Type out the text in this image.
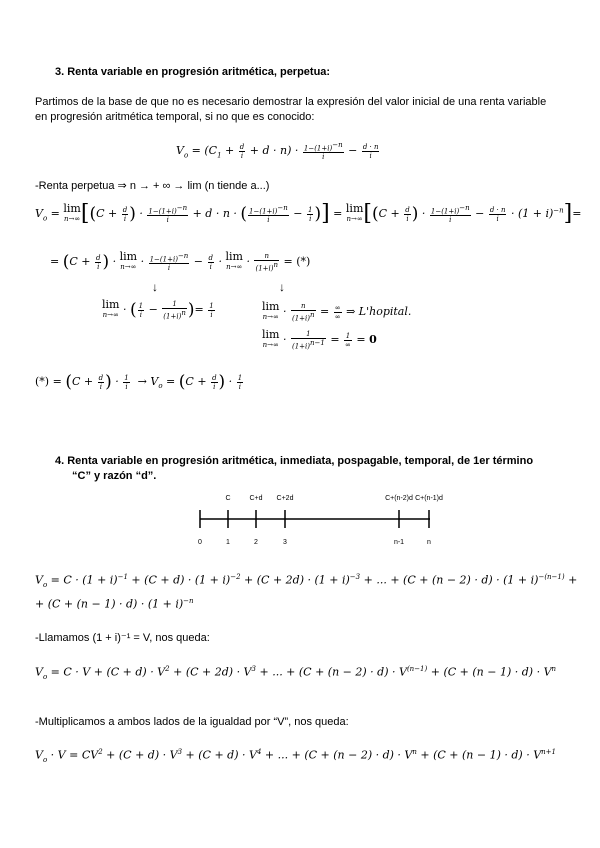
3. Renta variable en progresión aritmética, perpetua:
Partimos de la base de que no es necesario demostrar la expresión del valor inicial de una renta variable en progresión aritmética temporal, si no que es conocido:
$V_o = (C_1 + \frac{d}{i} + d \cdot n) \cdot \frac{1-(1+i)^{-n}}{i} - \frac{d \cdot n}{i}$
-Renta perpetua ⇒ n → + ∞ → lim (n tiende a...)
$V_o = \lim$
n→∞ [($C + \frac{d}{i}$ ) · $\frac{1-(1+i)^{-n}}{i} + d \cdot n$ · ( $\frac{1-(1+i)^{-n}}{i} - \frac{1}{i}$ )] = lim
n→∞ [($C + \frac{d}{i}$ ) · $\frac{1-(1+i)^{-n}}{i} - \frac{d \cdot n}{i} \cdot (1 + i)^{-n}]=$
= ($C + \frac{d}{i}$ ) · lim
$n\to\infty \cdot \frac{1-(1+i)^{-n}}{i} - \frac{d}{i} \cdot \lim$
$n\to\infty \cdot \frac{n}{(1+i)^n}$ = (*)
↓	↓
lim
n→∞ · ( $\frac{1}{i} - \frac{1}{(1+i)^n}$ )= $\frac{1}{i}$	lim
$n\to\infty \cdot \frac{n}{(1+i)^n}$ = ∞
∞ ⇒ L'hopital.
lim
$n\to\infty \cdot \frac{1}{(1+i)^{n-1}} = 1$
∞ = 0
(*) = ($C + \frac{d}{i}$ ) · $\frac{1}{i} \to V_o = (C + \frac{d}{i}$ ) · $\frac{1}{i}$
4. Renta variable en progresión aritmética, inmediata, pospagable, temporal, de 1er término
“C” y razón “d”.
C	C+d C+2d	C+(n-2)d C+(n-1)d
0	1	2	3	n-1	n
$V_o = C \cdot (1 + i)^{-1} + (C + d) \cdot (1 + i)^{-2} + (C + 2d) \cdot (1 + i)^{-3}$ + ... + $(C + (n - 2) \cdot d) \cdot (1 + i)^{-(n-1)}$ +
+ $(C + (n - 1) \cdot d) \cdot (1 + i)^{-n}$
-Llamamos (1 + i)⁻¹ = V, nos queda:
$V_o = C \cdot V + (C + d) \cdot V^2 + (C + 2d) \cdot V^3$ + ... + $(C + (n - 2) \cdot d) \cdot V^{(n-1)} + (C + (n - 1) \cdot d) \cdot V^n$
-Multiplicamos a ambos lados de la igualdad por “V”, nos queda:
$V_o \cdot V = CV^2 + (C + d) \cdot V^3 + (C + d) \cdot V^4$ + ... + $(C + (n - 2) \cdot d) \cdot V^n + (C + (n - 1) \cdot d) \cdot V^{n+1}$
